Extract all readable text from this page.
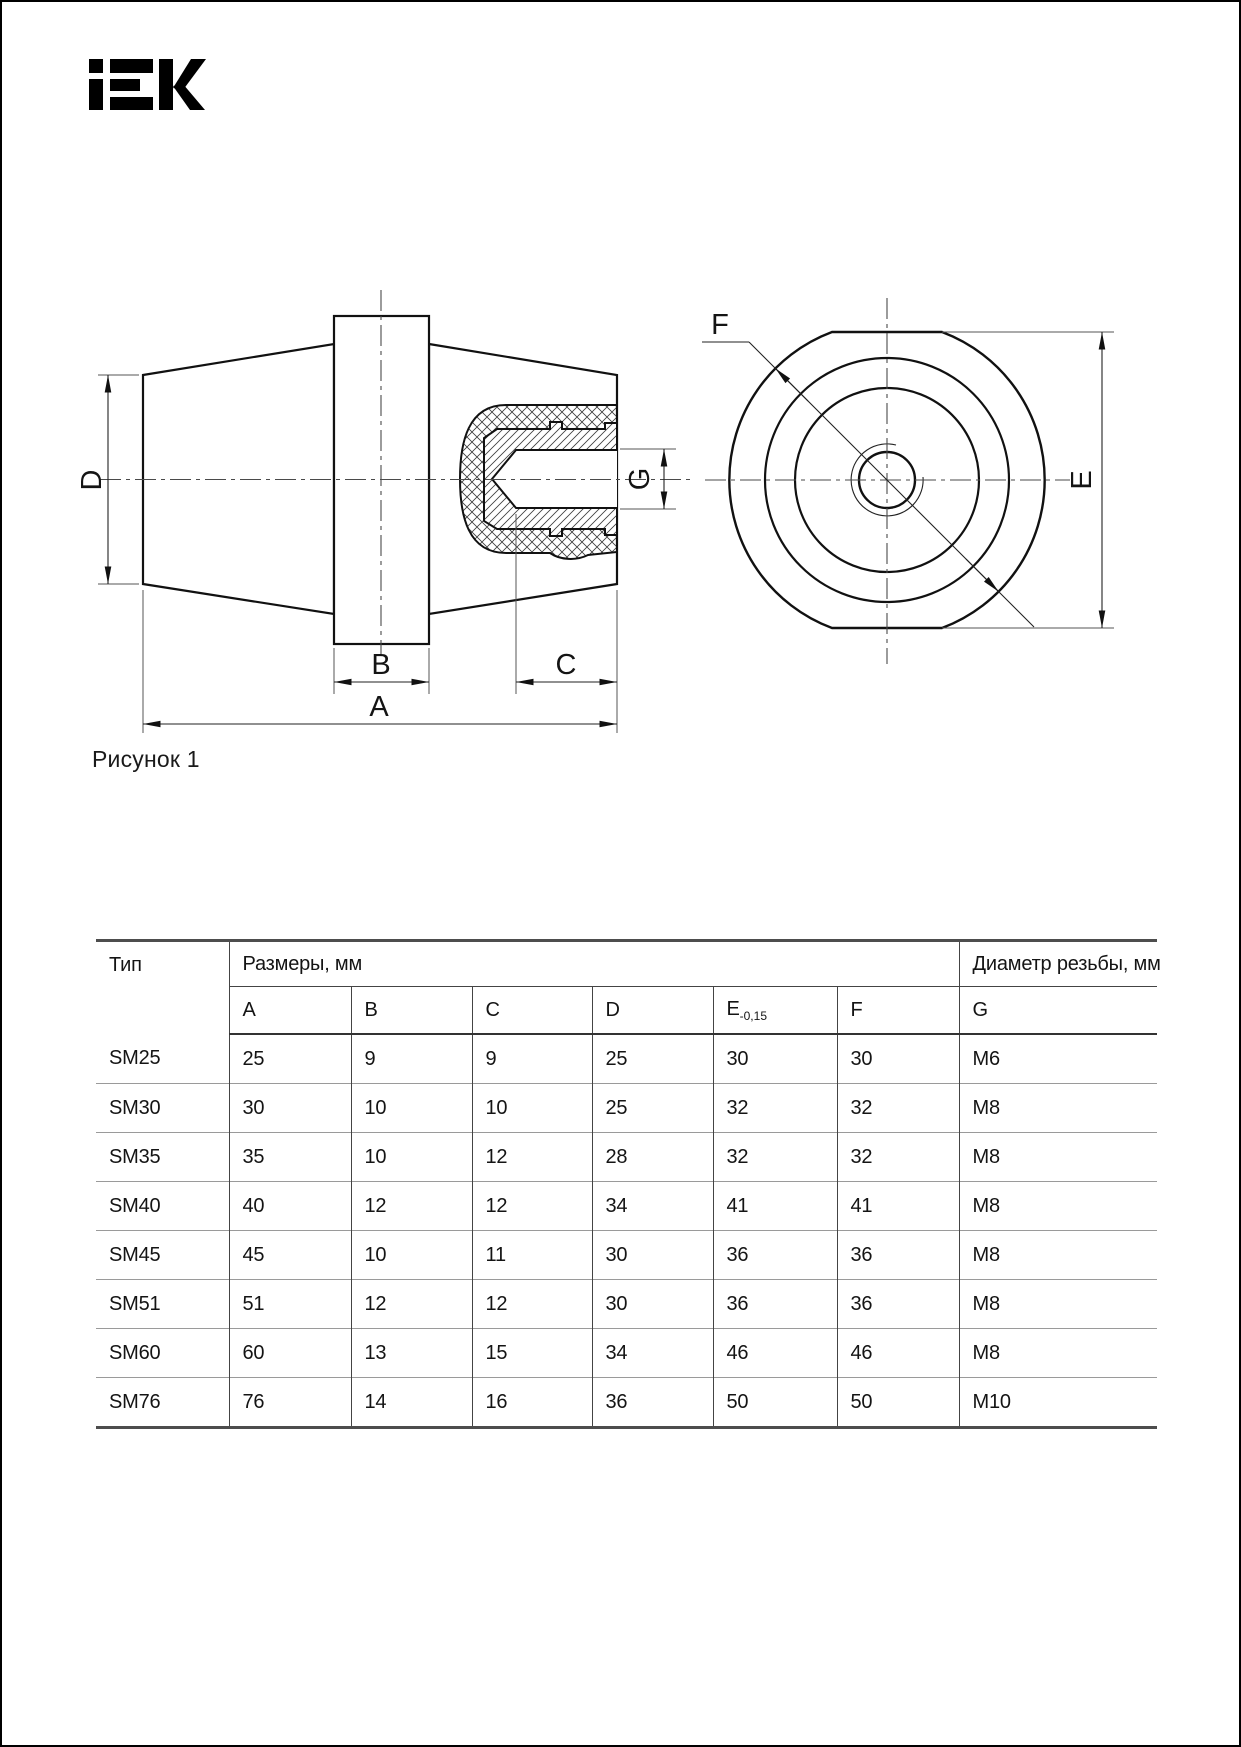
D
B	C
A
G	E
F
Рисунок 1
Тип	Размеры, мм						Диаметр резьбы, мм
	A	B	C	D	$E_{-0,15}$	F	G
SM25	25	9	9	25	30	30	M6
SM30	30	10	10	25	32	32	M8
SM35	35	10	12	28	32	32	M8
SM40	40	12	12	34	41	41	M8
SM45	45	10	11	30	36	36	M8
SM51	51	12	12	30	36	36	M8
SM60	60	13	15	34	46	46	M8
SM76	76	14	16	36	50	50	M10
